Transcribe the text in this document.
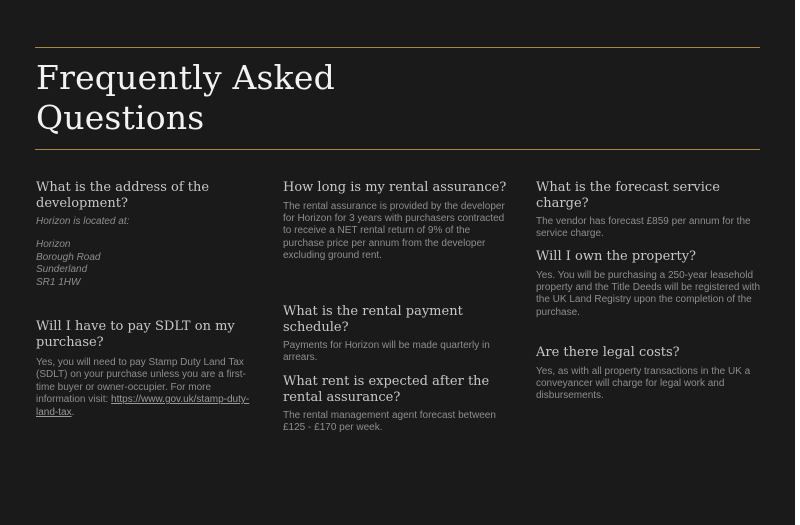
Frequently Asked
Questions

What is the address of the development?

Horizon is located at:

Horizon
Borough Road
Sunderland
SR1 1HW

Will I have to pay SDLT on my purchase?

Yes, you will need to pay Stamp Duty Land Tax (SDLT) on your purchase unless you are a first-time buyer or owner-occupier. For more information visit: https://www.gov.uk/stamp-duty-land-tax.

How long is my rental assurance?

The rental assurance is provided by the developer for Horizon for 3 years with purchasers contracted to receive a NET rental return of 9% of the purchase price per annum from the developer excluding ground rent.

What is the rental payment schedule?

Payments for Horizon will be made quarterly in arrears.

What rent is expected after the rental assurance?

The rental management agent forecast between £125 - £170 per week.

What is the forecast service charge?

The vendor has forecast £859 per annum for the service charge.

Will I own the property?

Yes. You will be purchasing a 250-year leasehold property and the Title Deeds will be registered with the UK Land Registry upon the completion of the purchase.

Are there legal costs?

Yes, as with all property transactions in the UK a conveyancer will charge for legal work and disbursements.
